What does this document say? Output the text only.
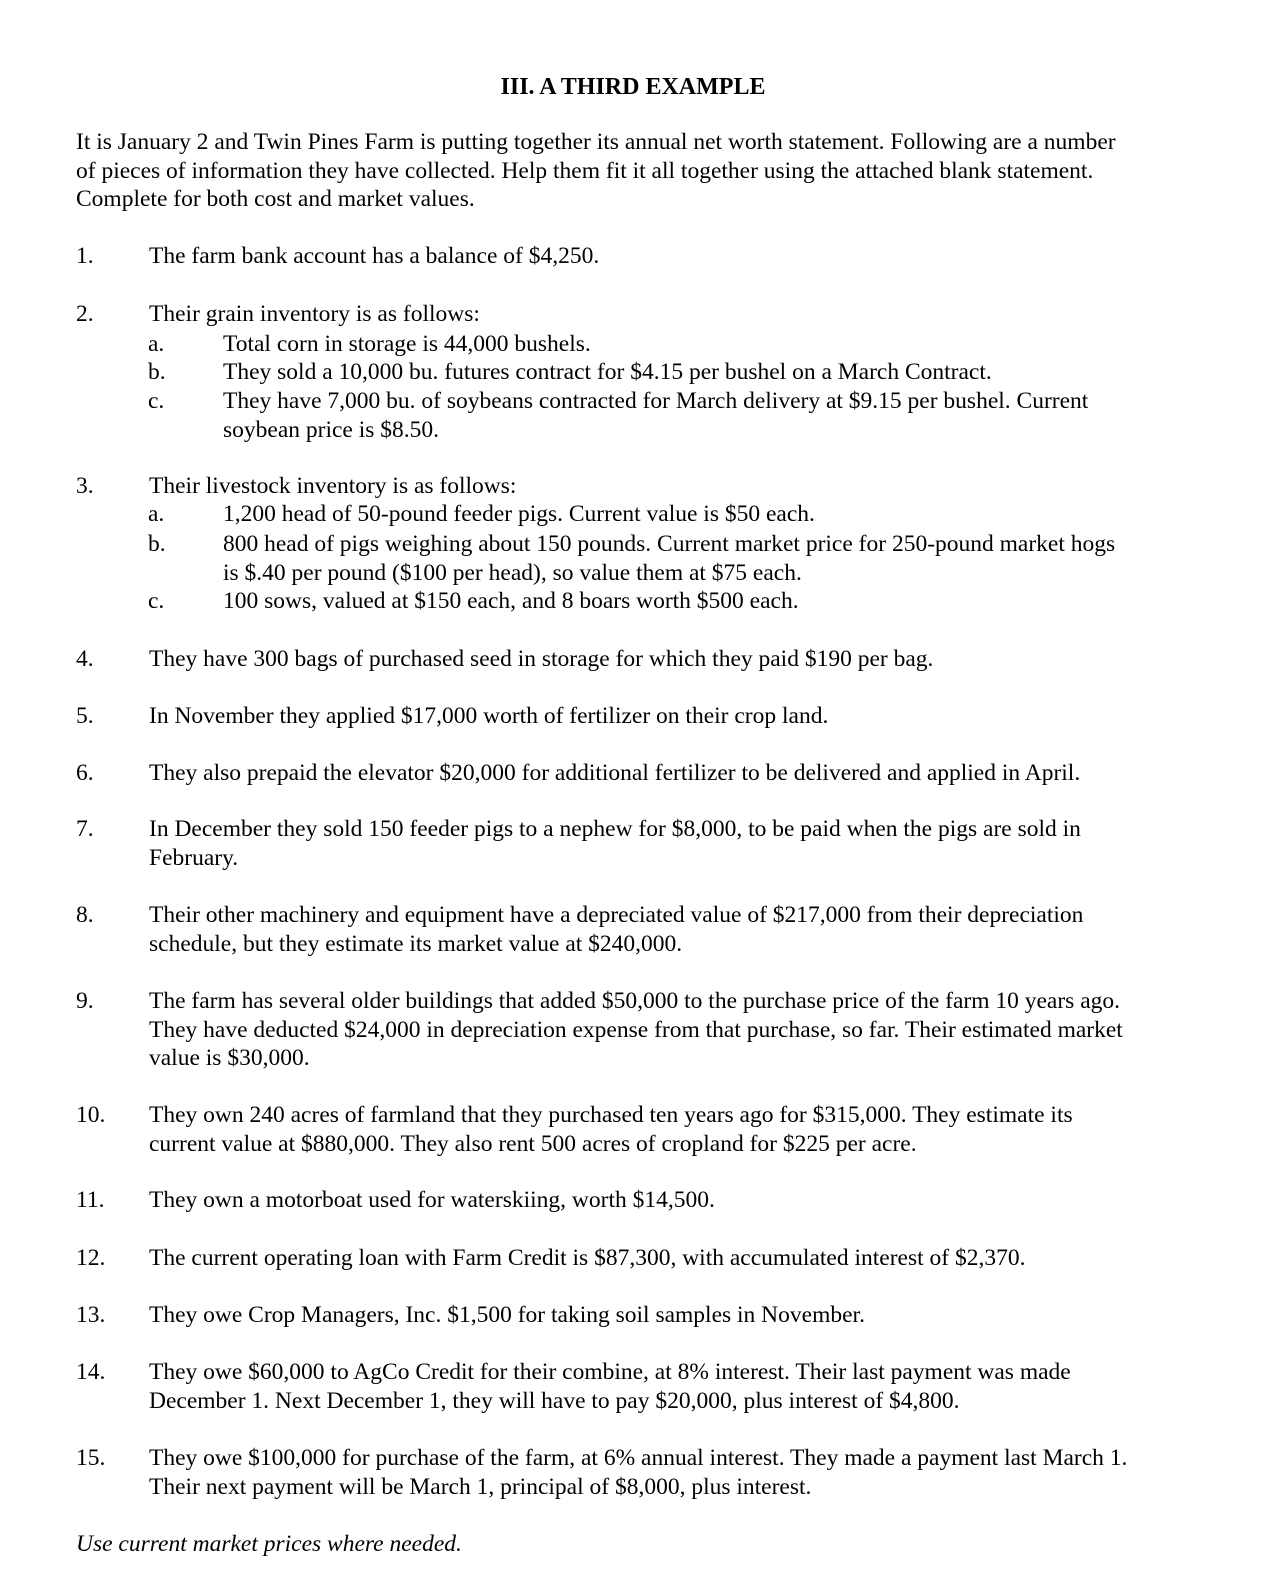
III. A THIRD EXAMPLE
It is January 2 and Twin Pines Farm is putting together its annual net worth statement. Following are a number
of pieces of information they have collected. Help them fit it all together using the attached blank statement.
Complete for both cost and market values.
1. The farm bank account has a balance of $4,250.
2. Their grain inventory is as follows:
a. Total corn in storage is 44,000 bushels.
b. They sold a 10,000 bu. futures contract for $4.15 per bushel on a March Contract.
c. They have 7,000 bu. of soybeans contracted for March delivery at $9.15 per bushel. Current
soybean price is $8.50.
3. Their livestock inventory is as follows:
a. 1,200 head of 50-pound feeder pigs. Current value is $50 each.
b. 800 head of pigs weighing about 150 pounds. Current market price for 250-pound market hogs
is $.40 per pound ($100 per head), so value them at $75 each.
c. 100 sows, valued at $150 each, and 8 boars worth $500 each.
4. They have 300 bags of purchased seed in storage for which they paid $190 per bag.
5. In November they applied $17,000 worth of fertilizer on their crop land.
6. They also prepaid the elevator $20,000 for additional fertilizer to be delivered and applied in April.
7. In December they sold 150 feeder pigs to a nephew for $8,000, to be paid when the pigs are sold in
February.
8. Their other machinery and equipment have a depreciated value of $217,000 from their depreciation
schedule, but they estimate its market value at $240,000.
9. The farm has several older buildings that added $50,000 to the purchase price of the farm 10 years ago.
They have deducted $24,000 in depreciation expense from that purchase, so far. Their estimated market
value is $30,000.
10. They own 240 acres of farmland that they purchased ten years ago for $315,000. They estimate its
current value at $880,000. They also rent 500 acres of cropland for $225 per acre.
11. They own a motorboat used for waterskiing, worth $14,500.
12. The current operating loan with Farm Credit is $87,300, with accumulated interest of $2,370.
13. They owe Crop Managers, Inc. $1,500 for taking soil samples in November.
14. They owe $60,000 to AgCo Credit for their combine, at 8% interest. Their last payment was made
December 1. Next December 1, they will have to pay $20,000, plus interest of $4,800.
15. They owe $100,000 for purchase of the farm, at 6% annual interest. They made a payment last March 1.
Their next payment will be March 1, principal of $8,000, plus interest.
Use current market prices where needed.
